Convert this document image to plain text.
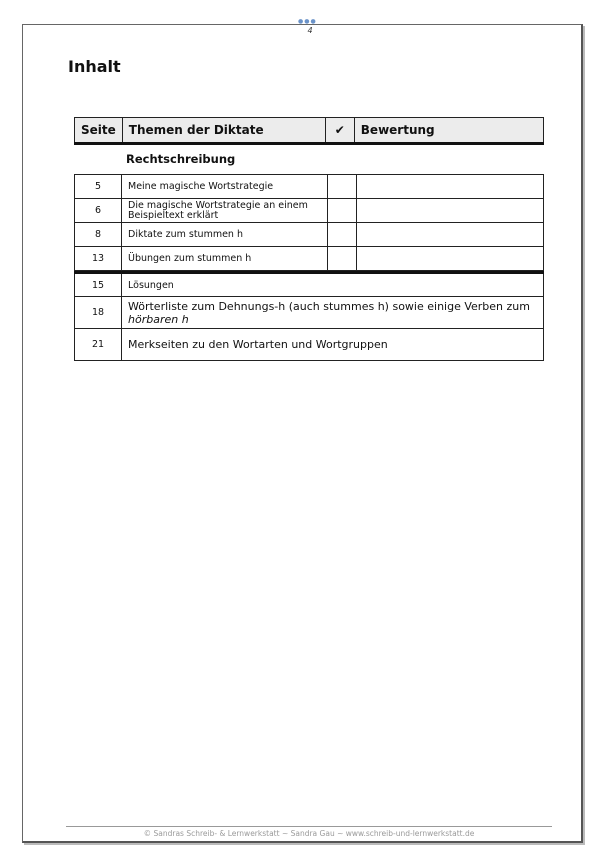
●●●
4
Inhalt
Seite	Themen der Diktate	✔	Bewertung
Rechtschreibung
5	Meine magische Wortstrategie		
6	Die magische Wortstrategie an einem Beispieltext erklärt		
8	Diktate zum stummen h		
13	Übungen zum stummen h		
15	Lösungen
18	Wörterliste zum Dehnungs-h (auch stummes h) sowie einige Verben zum
hörbaren h
21	Merkseiten zu den Wortarten und Wortgruppen
© Sandras Schreib- & Lernwerkstatt ~ Sandra Gau ~ www.schreib-und-lernwerkstatt.de
